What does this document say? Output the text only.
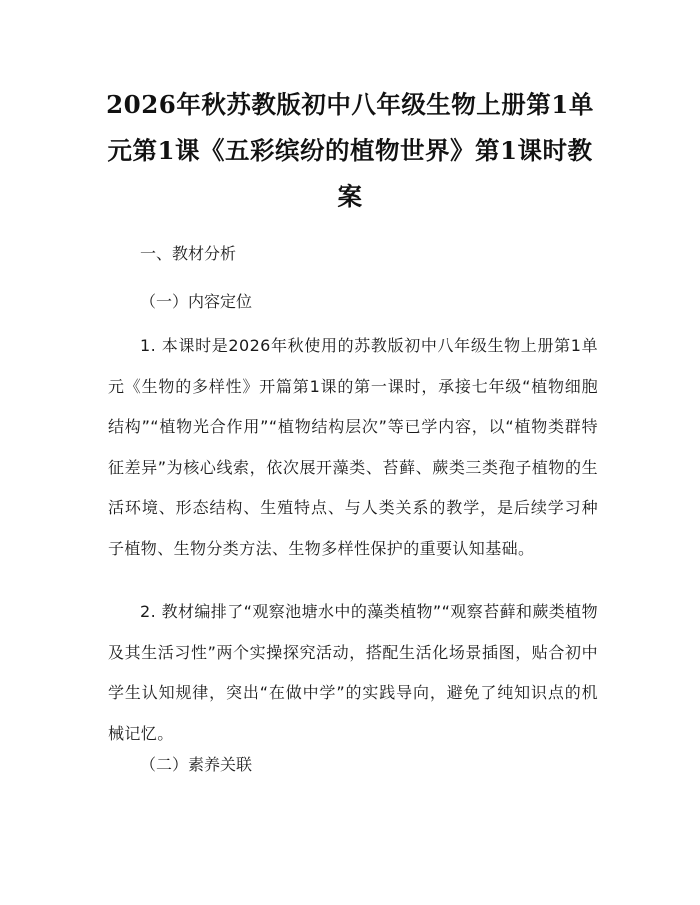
2026年秋苏教版初中八年级生物上册第1单元第1课《五彩缤纷的植物世界》第1课时教案
一、教材分析
（一）内容定位
1. 本课时是2026年秋使用的苏教版初中八年级生物上册第1单元《生物的多样性》开篇第1课的第一课时，承接七年级“植物细胞结构”“植物光合作用”“植物结构层次”等已学内容，以“植物类群特征差异”为核心线索，依次展开藻类、苔藓、蕨类三类孢子植物的生活环境、形态结构、生殖特点、与人类关系的教学，是后续学习种子植物、生物分类方法、生物多样性保护的重要认知基础。
2. 教材编排了“观察池塘水中的藻类植物”“观察苔藓和蕨类植物及其生活习性”两个实操探究活动，搭配生活化场景插图，贴合初中学生认知规律，突出“在做中学”的实践导向，避免了纯知识点的机械记忆。
（二）素养关联
